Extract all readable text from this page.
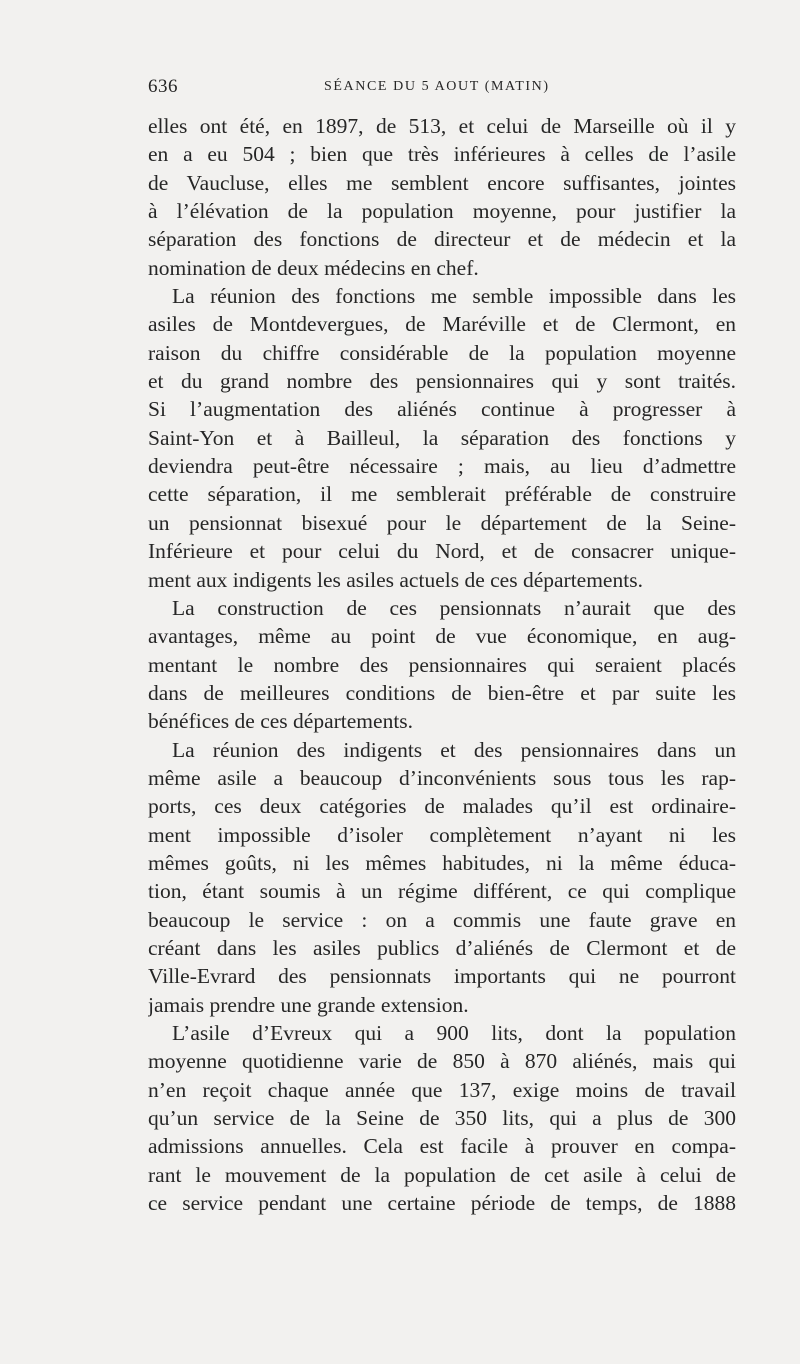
636	SÉANCE DU 5 AOUT (MATIN)
elles ont été, en 1897, de 513, et celui de Marseille où il y
en a eu 504 ; bien que très inférieures à celles de l’asile
de Vaucluse, elles me semblent encore suffisantes, jointes
à l’élévation de la population moyenne, pour justifier la
séparation des fonctions de directeur et de médecin et la
nomination de deux médecins en chef.
La réunion des fonctions me semble impossible dans les
asiles de Montdevergues, de Maréville et de Clermont, en
raison du chiffre considérable de la population moyenne
et du grand nombre des pensionnaires qui y sont traités.
Si l’augmentation des aliénés continue à progresser à
Saint-Yon et à Bailleul, la séparation des fonctions y
deviendra peut-être nécessaire ; mais, au lieu d’admettre
cette séparation, il me semblerait préférable de construire
un pensionnat bisexué pour le département de la Seine-
Inférieure et pour celui du Nord, et de consacrer unique-
ment aux indigents les asiles actuels de ces départements.
La construction de ces pensionnats n’aurait que des
avantages, même au point de vue économique, en aug-
mentant le nombre des pensionnaires qui seraient placés
dans de meilleures conditions de bien-être et par suite les
bénéfices de ces départements.
La réunion des indigents et des pensionnaires dans un
même asile a beaucoup d’inconvénients sous tous les rap-
ports, ces deux catégories de malades qu’il est ordinaire-
ment impossible d’isoler complètement n’ayant ni les
mêmes goûts, ni les mêmes habitudes, ni la même éduca-
tion, étant soumis à un régime différent, ce qui complique
beaucoup le service : on a commis une faute grave en
créant dans les asiles publics d’aliénés de Clermont et de
Ville-Evrard des pensionnats importants qui ne pourront
jamais prendre une grande extension.
L’asile d’Evreux qui a 900 lits, dont la population
moyenne quotidienne varie de 850 à 870 aliénés, mais qui
n’en reçoit chaque année que 137, exige moins de travail
qu’un service de la Seine de 350 lits, qui a plus de 300
admissions annuelles. Cela est facile à prouver en compa-
rant le mouvement de la population de cet asile à celui de
ce service pendant une certaine période de temps, de 1888
